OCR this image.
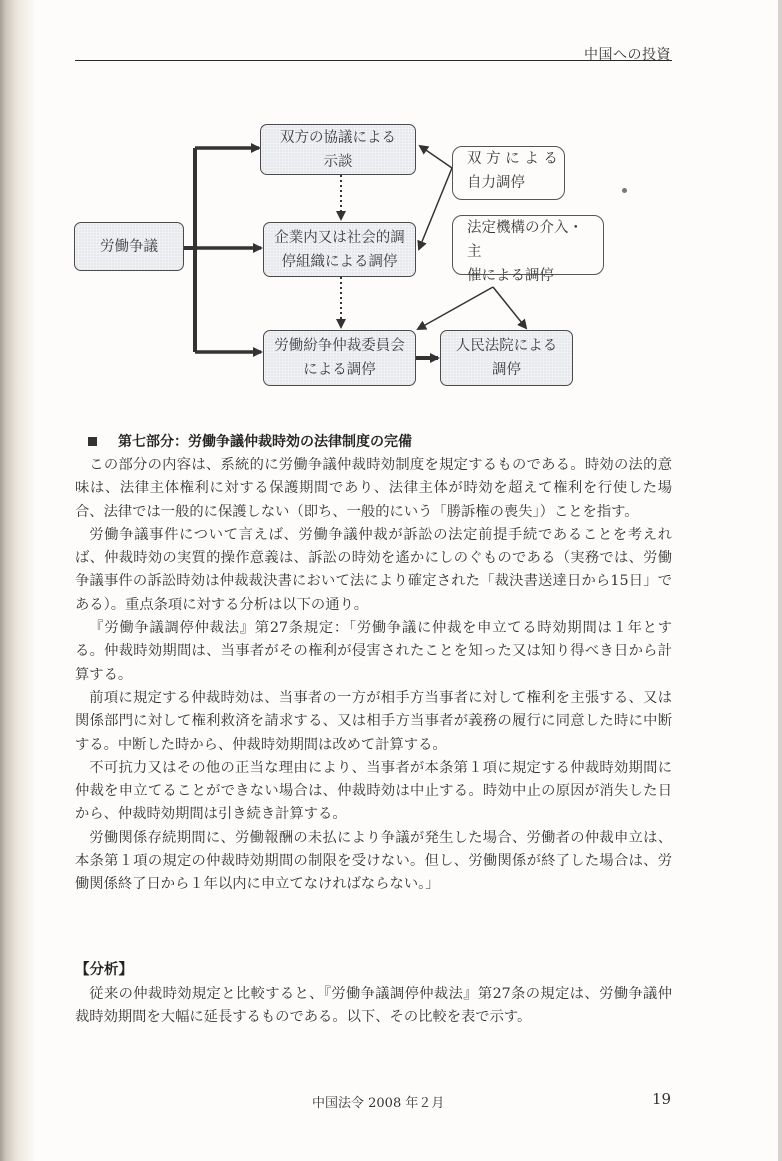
中国への投資
労働争議
双方の協議による
示談
企業内又は社会的調
停組織による調停
労働紛争仲裁委員会
による調停
人民法院による
調停
双 方 に よ る
自力調停
法定機構の介入・主
催による調停
第七部分：労働争議仲裁時効の法律制度の完備

この部分の内容は、系統的に労働争議仲裁時効制度を規定するものである。時効の法的意味は、法律主体権利に対する保護期間であり、法律主体が時効を超えて権利を行使した場合、法律では一般的に保護しない（即ち、一般的にいう「勝訴権の喪失」）ことを指す。

労働争議事件について言えば、労働争議仲裁が訴訟の法定前提手続であることを考えれば、仲裁時効の実質的操作意義は、訴訟の時効を遙かにしのぐものである（実務では、労働争議事件の訴訟時効は仲裁裁決書において法により確定された「裁決書送達日から15日」である）。重点条項に対する分析は以下の通り。

『労働争議調停仲裁法』第27条規定：「労働争議に仲裁を申立てる時効期間は１年とする。仲裁時効期間は、当事者がその権利が侵害されたことを知った又は知り得べき日から計算する。

前項に規定する仲裁時効は、当事者の一方が相手方当事者に対して権利を主張する、又は関係部門に対して権利救済を請求する、又は相手方当事者が義務の履行に同意した時に中断する。中断した時から、仲裁時効期間は改めて計算する。

不可抗力又はその他の正当な理由により、当事者が本条第１項に規定する仲裁時効期間に仲裁を申立てることができない場合は、仲裁時効は中止する。時効中止の原因が消失した日から、仲裁時効期間は引き続き計算する。

労働関係存続期間に、労働報酬の未払により争議が発生した場合、労働者の仲裁申立は、本条第１項の規定の仲裁時効期間の制限を受けない。但し、労働関係が終了した場合は、労働関係終了日から１年以内に申立てなければならない。」

【分析】

従来の仲裁時効規定と比較すると、『労働争議調停仲裁法』第27条の規定は、労働争議仲裁時効期間を大幅に延長するものである。以下、その比較を表で示す。

中国法令 2008 年２月	19
